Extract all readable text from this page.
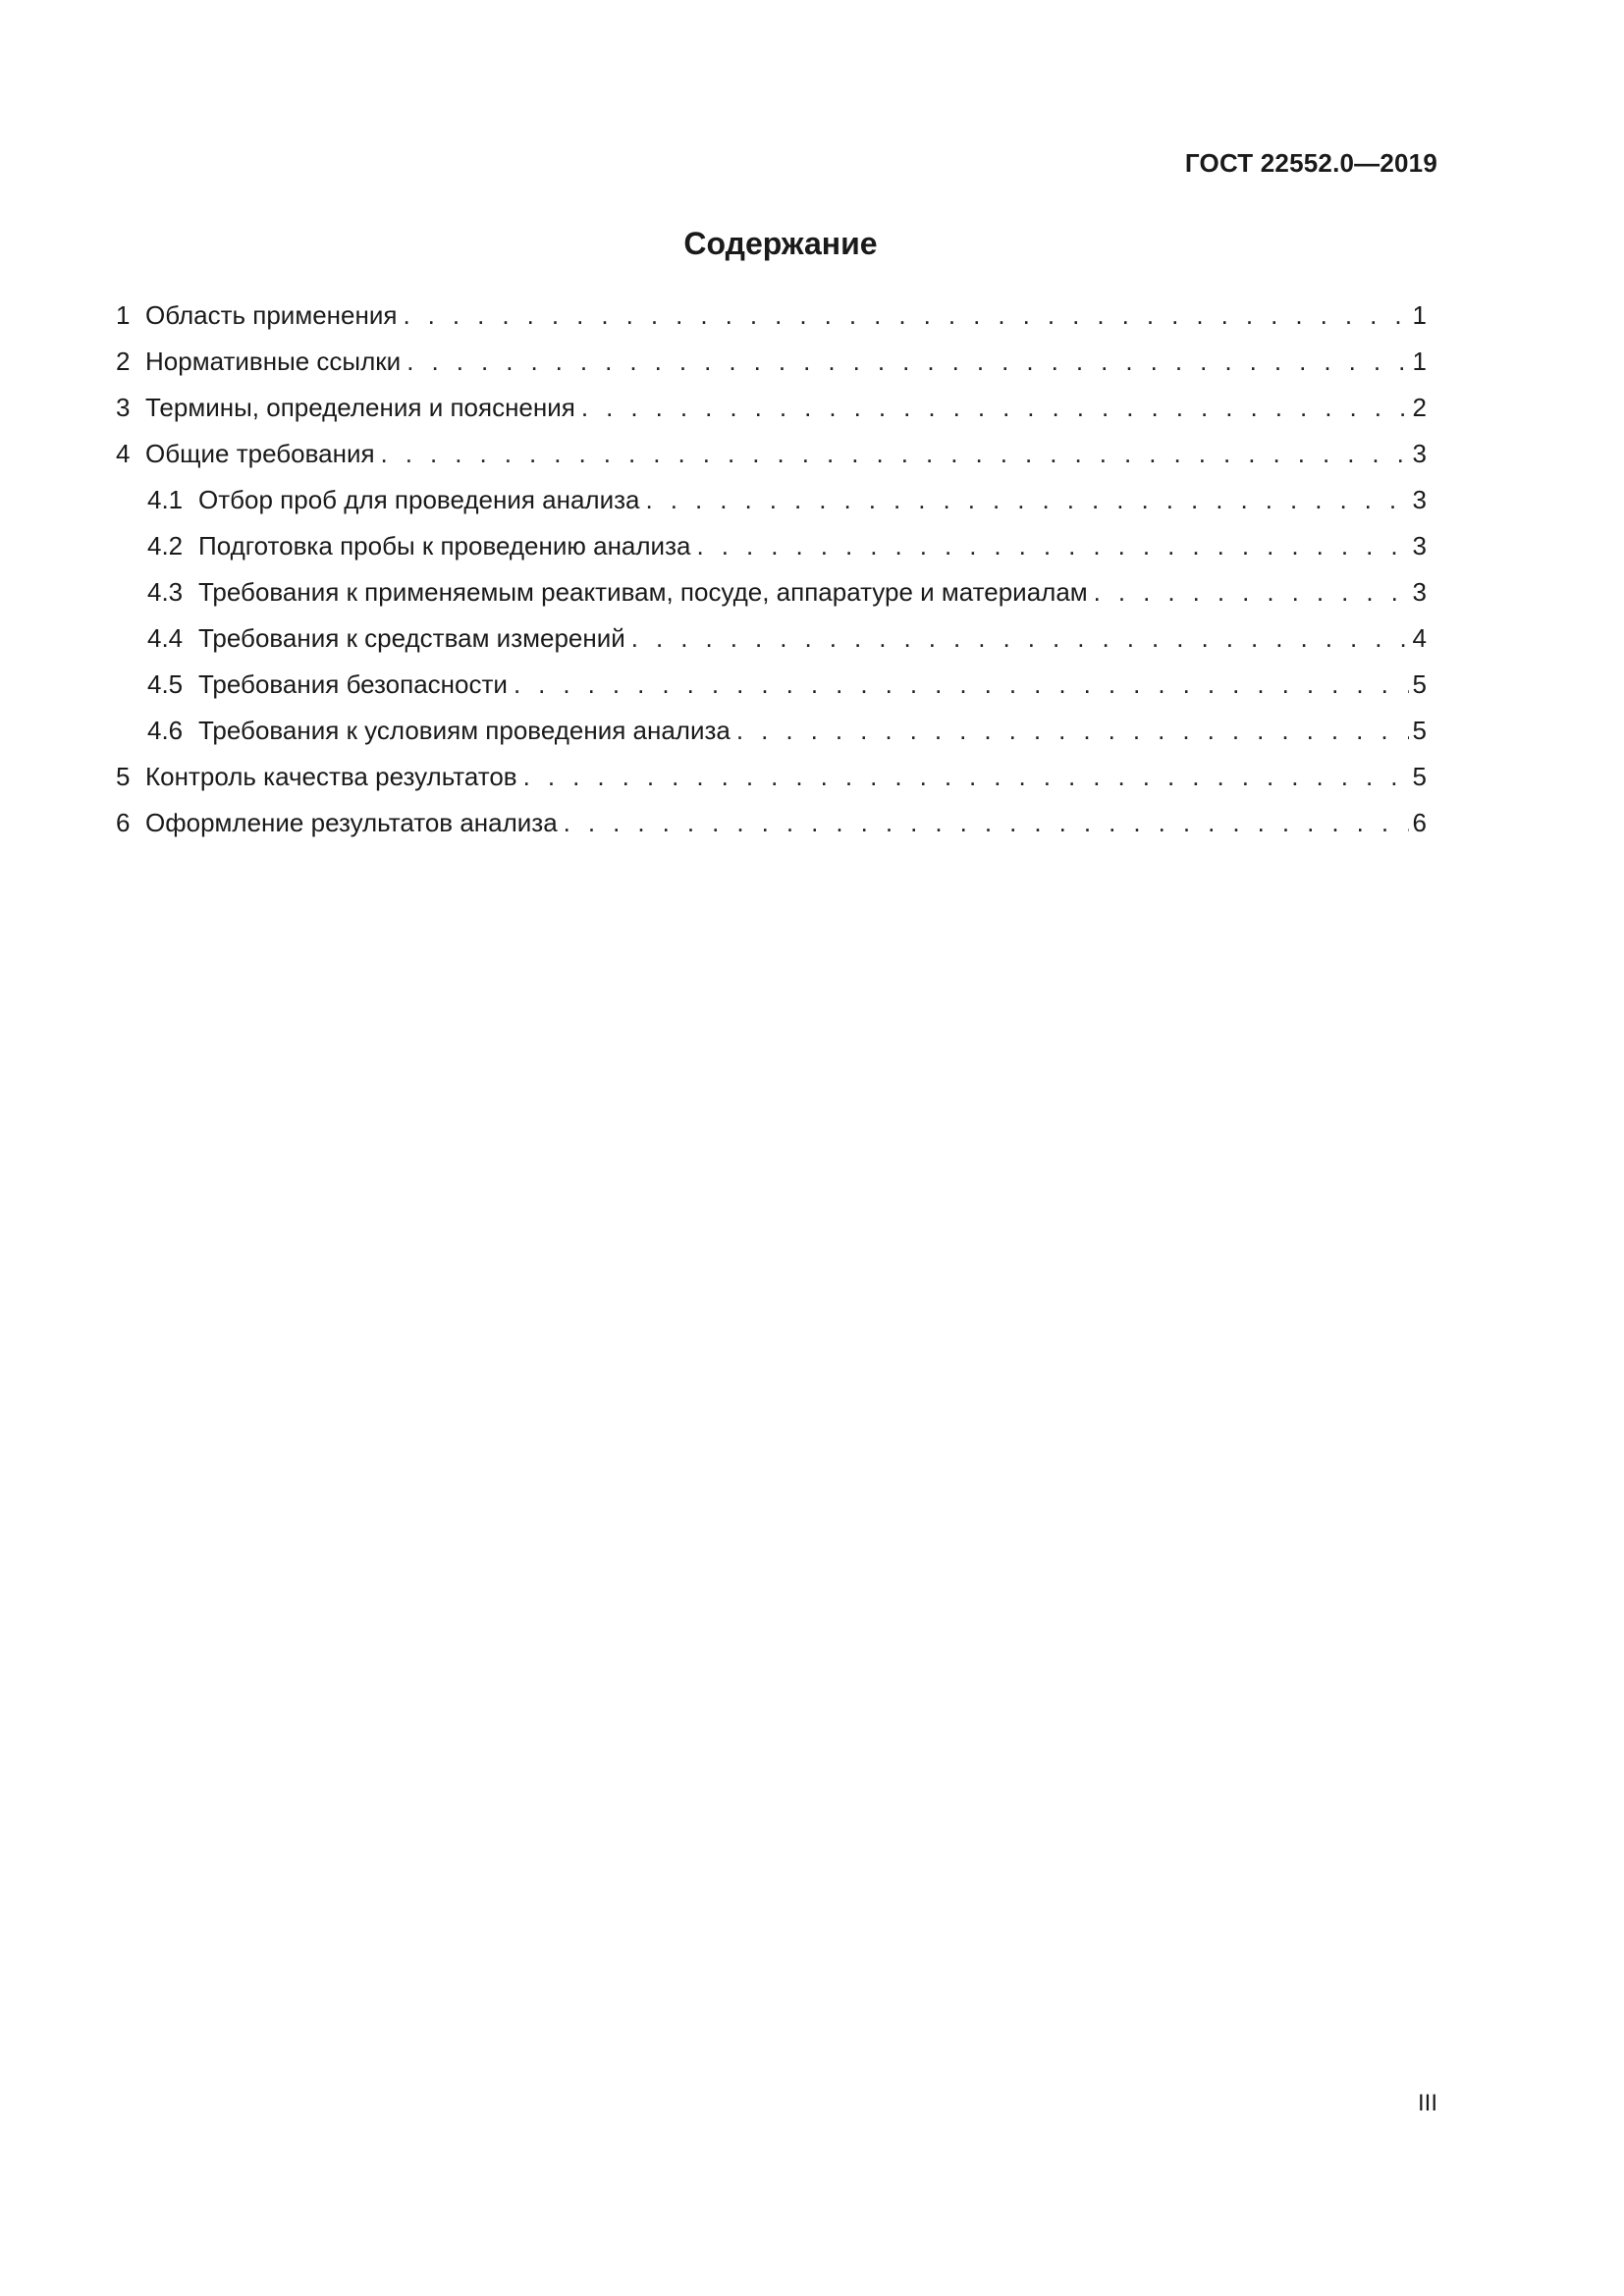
ГОСТ 22552.0—2019
Содержание
1 Область применения . . .	1
2 Нормативные ссылки . . .	1
3 Термины, определения и пояснения . . .	2
4 Общие требования . . .	3
4.1 Отбор проб для проведения анализа . . .	3
4.2 Подготовка пробы к проведению анализа . . .	3
4.3 Требования к применяемым реактивам, посуде, аппаратуре и материалам . . .	3
4.4 Требования к средствам измерений . . .	4
4.5 Требования безопасности . . .	5
4.6 Требования к условиям проведения анализа . . .	5
5 Контроль качества результатов . . .	5
6 Оформление результатов анализа . . .	6
III
